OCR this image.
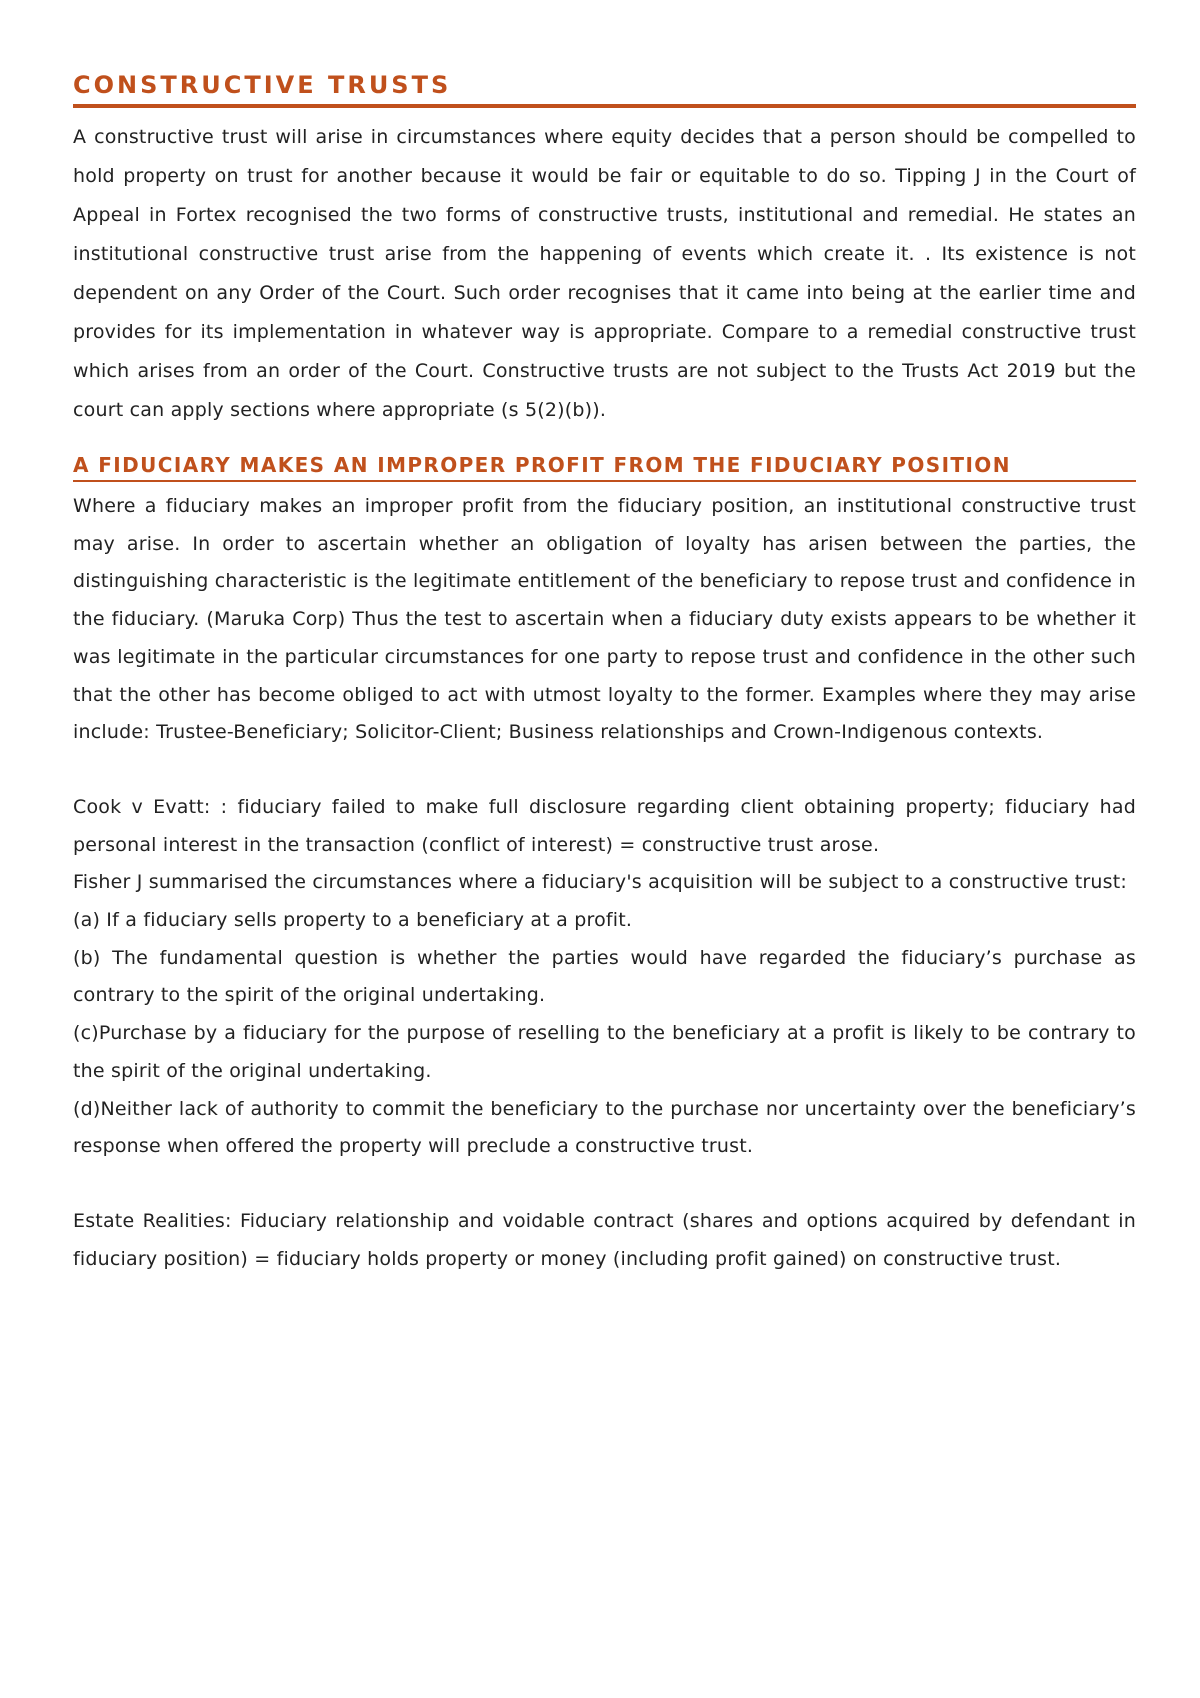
CONSTRUCTIVE TRUSTS

A constructive trust will arise in circumstances where equity decides that a person should be compelled to hold property on trust for another because it would be fair or equitable to do so. Tipping J in the Court of Appeal in Fortex recognised the two forms of constructive trusts, institutional and remedial. He states an institutional constructive trust arise from the happening of events which create it. . Its existence is not dependent on any Order of the Court. Such order recognises that it came into being at the earlier time and provides for its implementation in whatever way is appropriate. Compare to a remedial constructive trust which arises from an order of the Court. Constructive trusts are not subject to the Trusts Act 2019 but the court can apply sections where appropriate (s 5(2)(b)).

A FIDUCIARY MAKES AN IMPROPER PROFIT FROM THE FIDUCIARY POSITION

Where a fiduciary makes an improper profit from the fiduciary position, an institutional constructive trust may arise. In order to ascertain whether an obligation of loyalty has arisen between the parties, the distinguishing characteristic is the legitimate entitlement of the beneficiary to repose trust and confidence in the fiduciary. (Maruka Corp) Thus the test to ascertain when a fiduciary duty exists appears to be whether it was legitimate in the particular circumstances for one party to repose trust and confidence in the other such that the other has become obliged to act with utmost loyalty to the former. Examples where they may arise include: Trustee-Beneficiary; Solicitor-Client; Business relationships and Crown-Indigenous contexts.

Cook v Evatt: : fiduciary failed to make full disclosure regarding client obtaining property; fiduciary had personal interest in the transaction (conflict of interest) = constructive trust arose.

Fisher J summarised the circumstances where a fiduciary's acquisition will be subject to a constructive trust:

(a) If a fiduciary sells property to a beneficiary at a profit.

(b) The fundamental question is whether the parties would have regarded the fiduciary’s purchase as contrary to the spirit of the original undertaking.

(c)Purchase by a fiduciary for the purpose of reselling to the beneficiary at a profit is likely to be contrary to the spirit of the original undertaking.

(d)Neither lack of authority to commit the beneficiary to the purchase nor uncertainty over the beneficiary’s response when offered the property will preclude a constructive trust.

Estate Realities: Fiduciary relationship and voidable contract (shares and options acquired by defendant in fiduciary position) = fiduciary holds property or money (including profit gained) on constructive trust.
